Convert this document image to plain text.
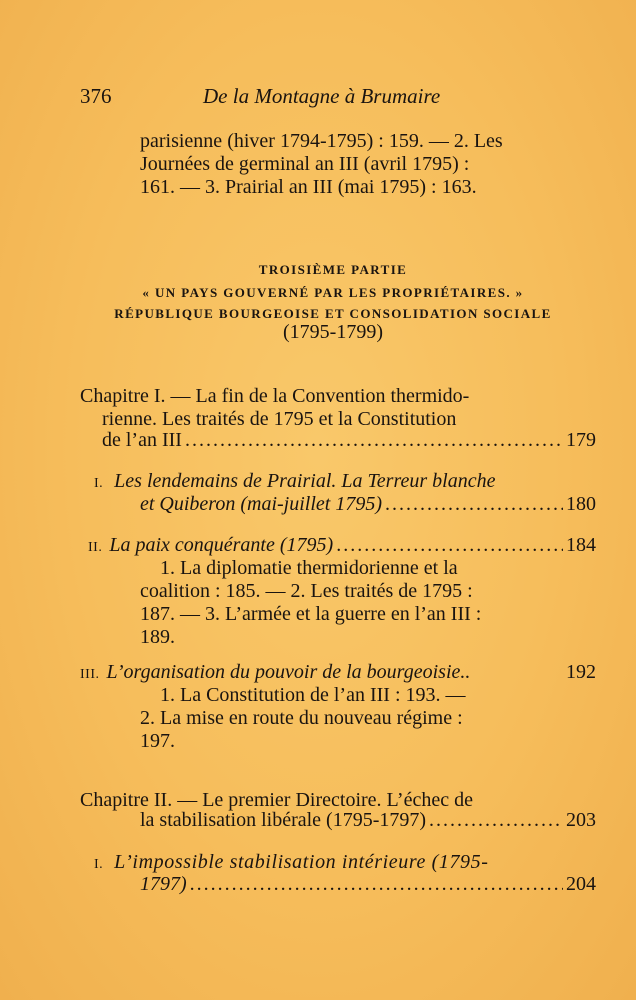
376	De la Montagne à Brumaire
parisienne (hiver 1794-1795) : 159. — 2. Les
Journées de germinal an III (avril 1795) :
161. — 3. Prairial an III (mai 1795) : 163.
TROISIÈME PARTIE
« UN PAYS GOUVERNÉ PAR LES PROPRIÉTAIRES. »
RÉPUBLIQUE BOURGEOISE ET CONSOLIDATION SOCIALE
(1795-1799)
Chapitre I. — La fin de la Convention thermido-
rienne. Les traités de 1795 et la Constitution
de l’an III .....	179
I. Les lendemains de Prairial. La Terreur blanche
et Quiberon (mai-juillet 1795) .....	180
II. La paix conquérante (1795) .....	184
1. La diplomatie thermidorienne et la
coalition : 185. — 2. Les traités de 1795 :
187. — 3. L’armée et la guerre en l’an III :
189.
III. L’organisation du pouvoir de la bourgeoisie..	192
1. La Constitution de l’an III : 193. —
2. La mise en route du nouveau régime :
197.
Chapitre II. — Le premier Directoire. L’échec de
la stabilisation libérale (1795-1797) .....	203
I. L’impossible stabilisation intérieure (1795-
1797) .....	204
